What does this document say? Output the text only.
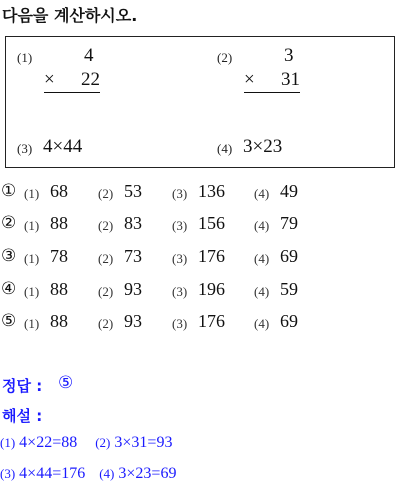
다음을 계산하시오.
(1)	4
× 22
(2)	3
× 31
(3) 4×44	(4) 3×23
① (1) 68 (2) 53 (3) 136 (4) 49
② (1) 88 (2) 83 (3) 156 (4) 79
③ (1) 78 (2) 73 (3) 176 (4) 69
④ (1) 88 (2) 93 (3) 196 (4) 59
⑤ (1) 88 (2) 93 (3) 176 (4) 69
정답 : ⑤
해설 :
(1) 4×22=88 (2) 3×31=93
(3) 4×44=176 (4) 3×23=69
